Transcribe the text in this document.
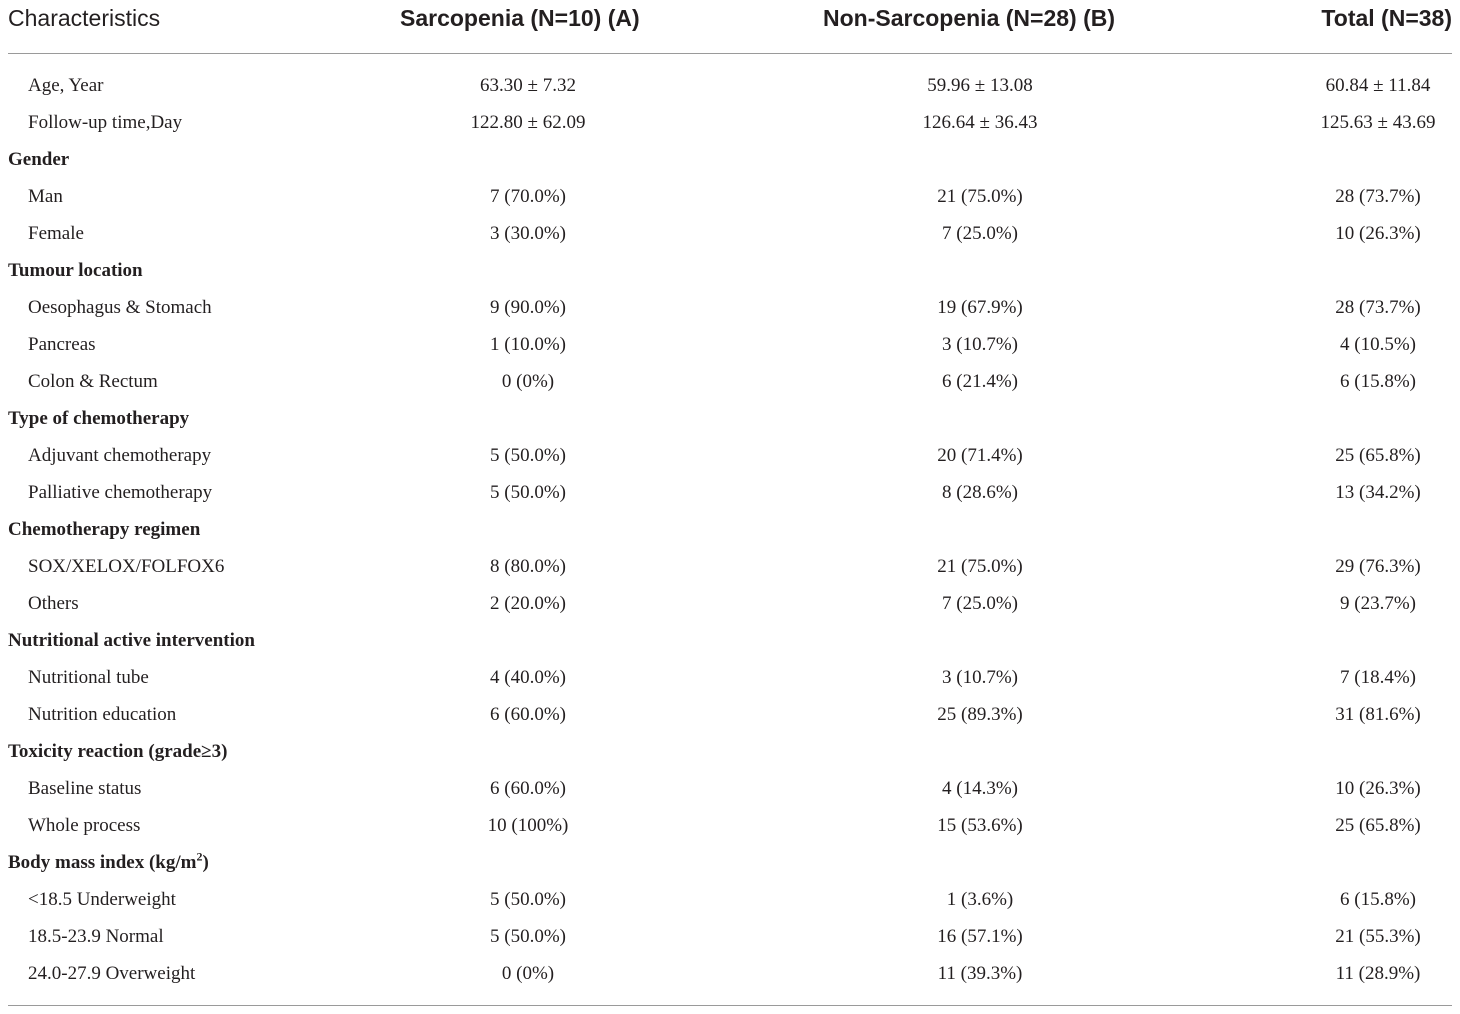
Characteristics	Sarcopenia (N=10) (A)	Non-Sarcopenia (N=28) (B)	Total (N=38)
Age, Year	63.30 ± 7.32	59.96 ± 13.08	60.84 ± 11.84
Follow-up time,Day	122.80 ± 62.09	126.64 ± 36.43	125.63 ± 43.69
Gender
Man	7 (70.0%)	21 (75.0%)	28 (73.7%)
Female	3 (30.0%)	7 (25.0%)	10 (26.3%)
Tumour location
Oesophagus & Stomach	9 (90.0%)	19 (67.9%)	28 (73.7%)
Pancreas	1 (10.0%)	3 (10.7%)	4 (10.5%)
Colon & Rectum	0 (0%)	6 (21.4%)	6 (15.8%)
Type of chemotherapy
Adjuvant chemotherapy	5 (50.0%)	20 (71.4%)	25 (65.8%)
Palliative chemotherapy	5 (50.0%)	8 (28.6%)	13 (34.2%)
Chemotherapy regimen
SOX/XELOX/FOLFOX6	8 (80.0%)	21 (75.0%)	29 (76.3%)
Others	2 (20.0%)	7 (25.0%)	9 (23.7%)
Nutritional active intervention
Nutritional tube	4 (40.0%)	3 (10.7%)	7 (18.4%)
Nutrition education	6 (60.0%)	25 (89.3%)	31 (81.6%)
Toxicity reaction (grade≥3)
Baseline status	6 (60.0%)	4 (14.3%)	10 (26.3%)
Whole process	10 (100%)	15 (53.6%)	25 (65.8%)
Body mass index $(kg/m^2)$
<18.5 Underweight	5 (50.0%)	1 (3.6%)	6 (15.8%)
18.5-23.9 Normal	5 (50.0%)	16 (57.1%)	21 (55.3%)
24.0-27.9 Overweight	0 (0%)	11 (39.3%)	11 (28.9%)
